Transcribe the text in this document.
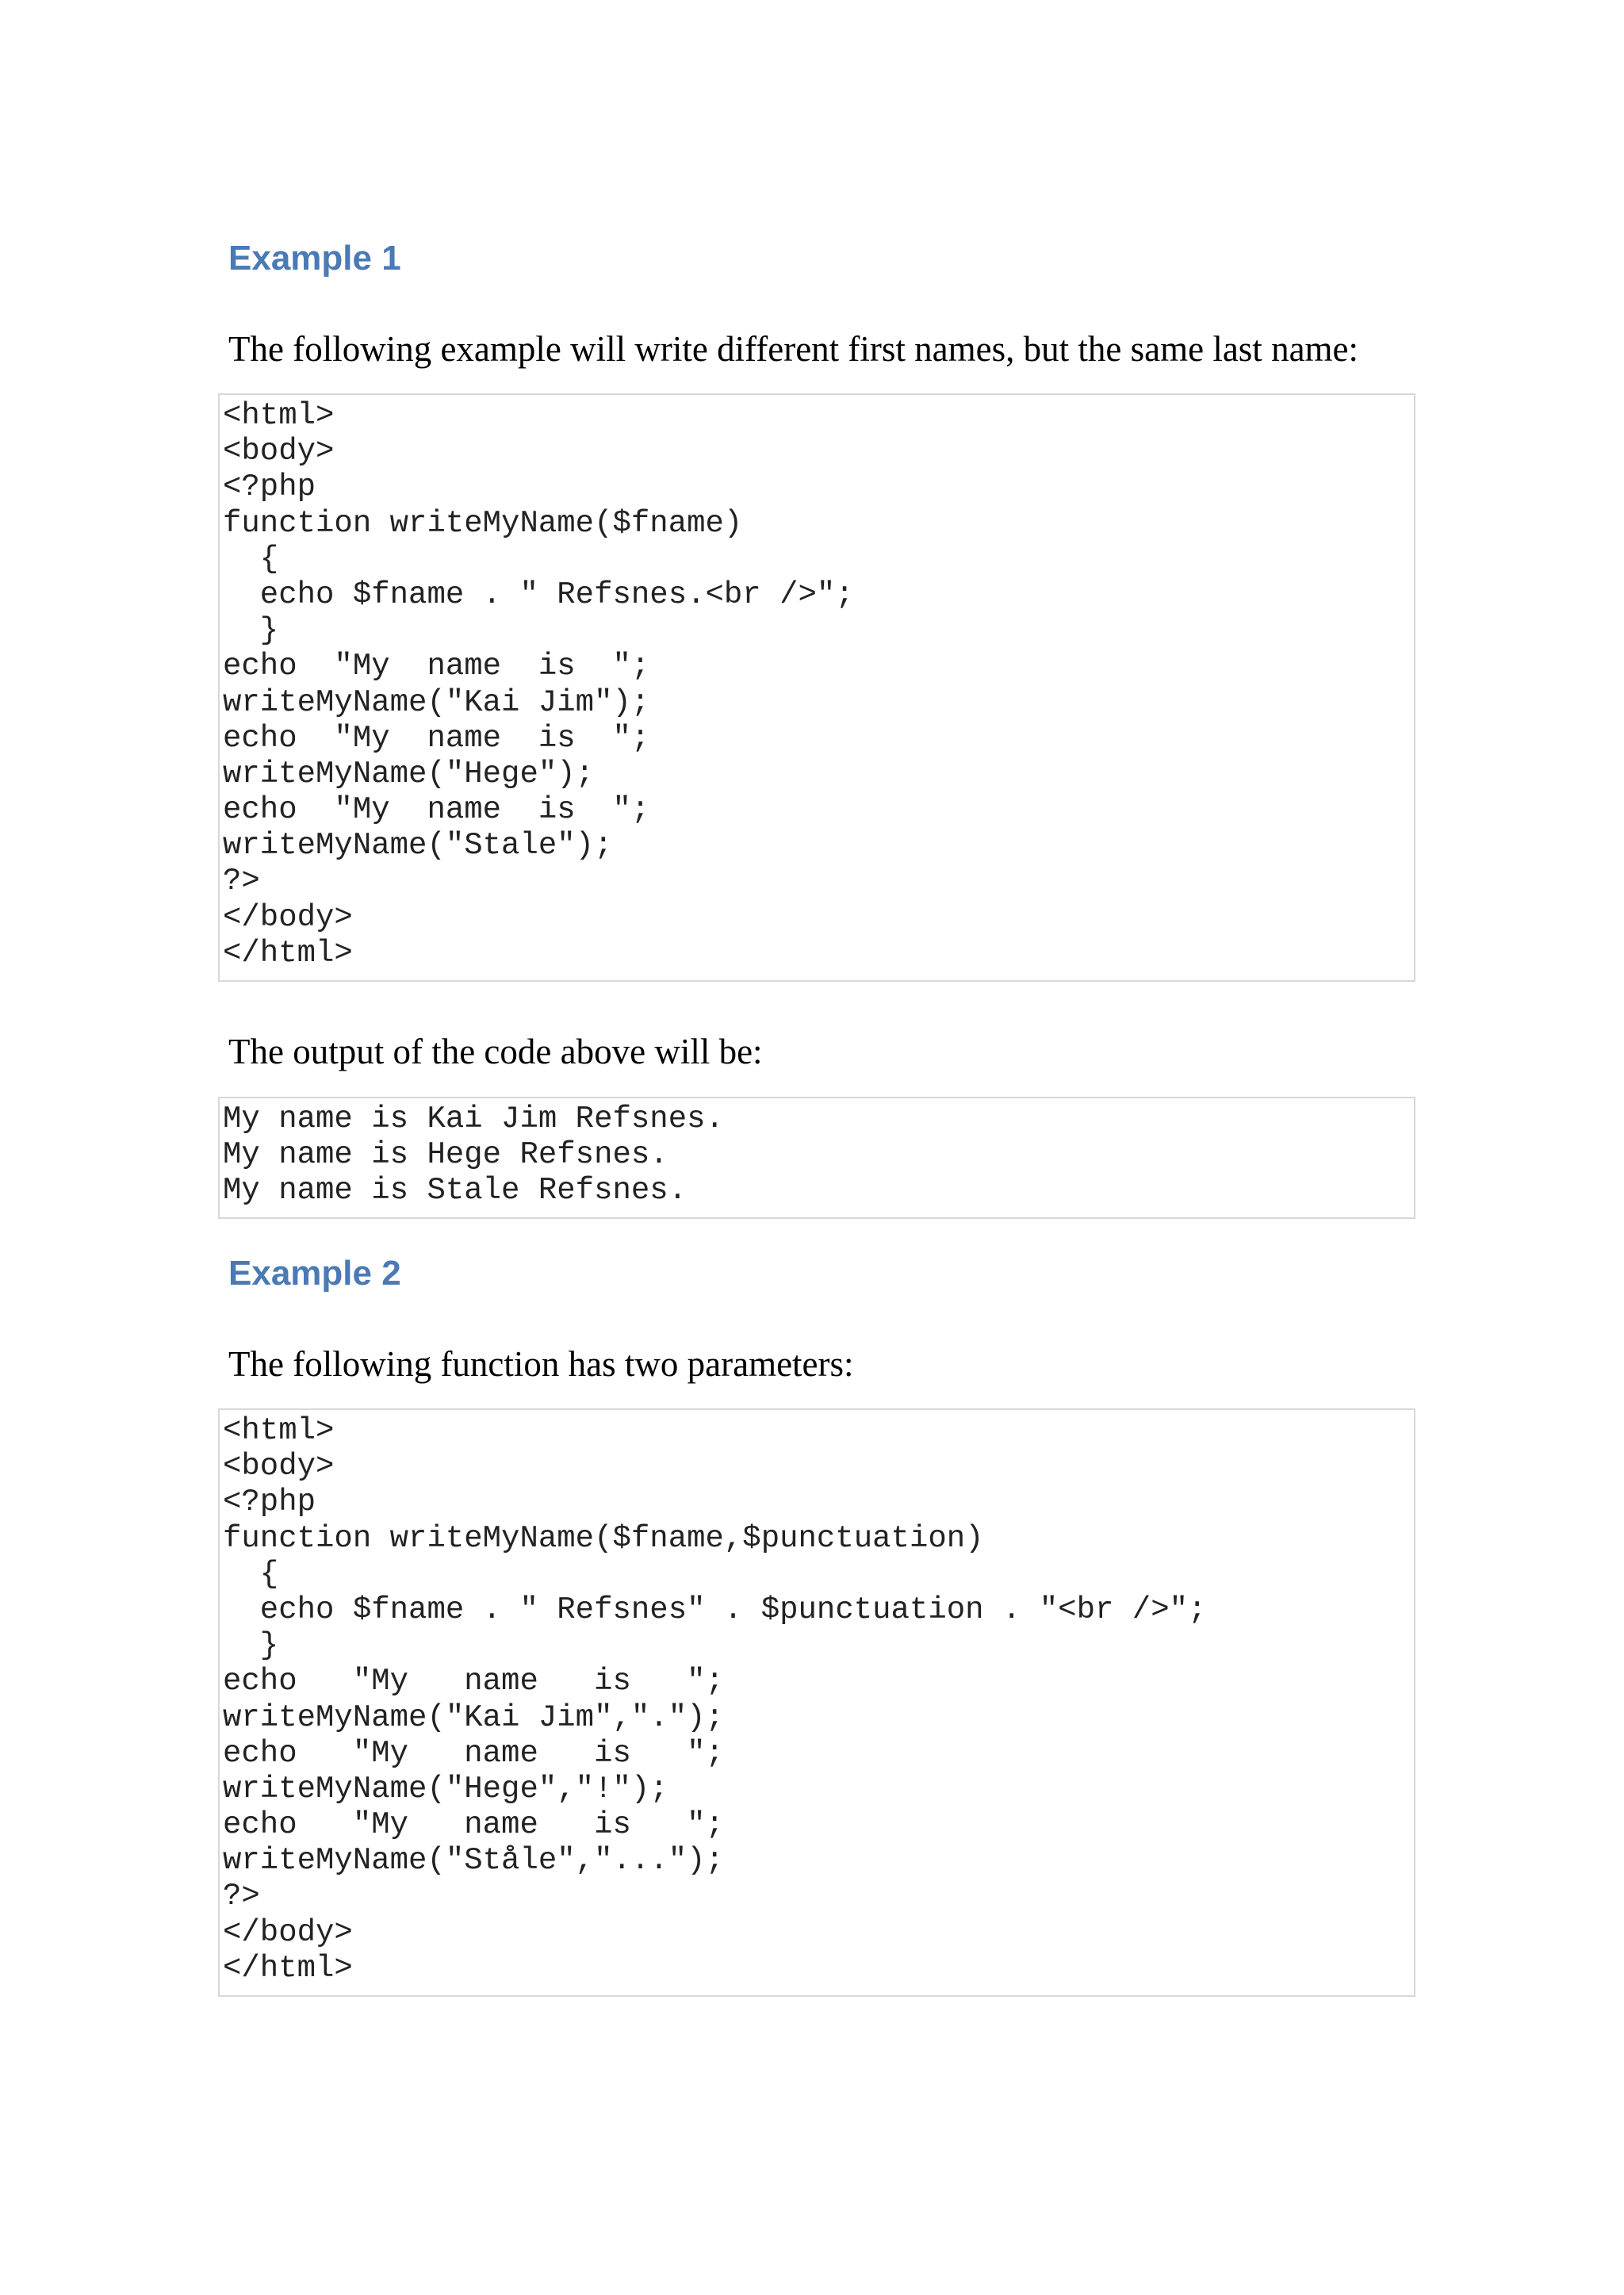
Example 1

The following example will write different first names, but the same last name:

<html>
<body>
<?php
function writeMyName($fname)
{
echo $fname . " Refsnes.<br />";
}
echo  "My  name  is  ";
writeMyName("Kai Jim");
echo  "My  name  is  ";
writeMyName("Hege");
echo  "My  name  is  ";
writeMyName("Stale");
?>
</body>
</html>

The output of the code above will be:

My name is Kai Jim Refsnes.
My name is Hege Refsnes.
My name is Stale Refsnes.
Example 2

The following function has two parameters:

<html>
<body>
<?php
function writeMyName($fname,$punctuation)
{
echo $fname . " Refsnes" . $punctuation . "<br />";
}
echo   "My   name   is   ";
writeMyName("Kai Jim",".");
echo   "My   name   is   ";
writeMyName("Hege","!");
echo   "My   name   is   ";
writeMyName("Ståle","...");
?>
</body>
</html>
